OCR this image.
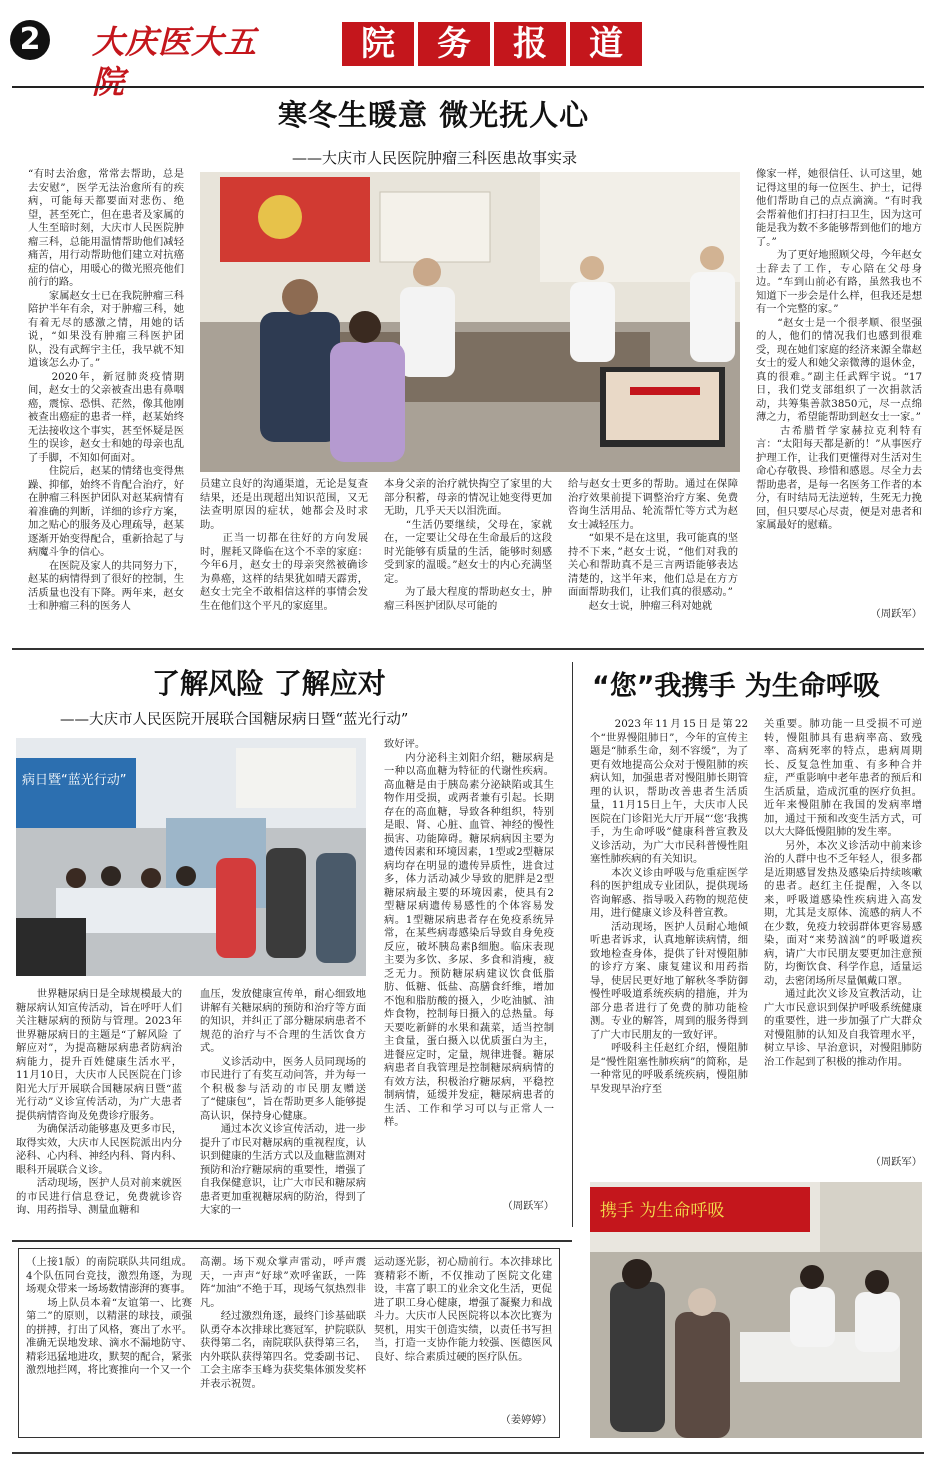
2 大庆医大五院
院	务	报	道
寒冬生暖意 微光抚人心
——大庆市人民医院肿瘤三科医患故事实录
“有时去治愈，常常去帮助，总是去安慰”，医学无法治愈所有的疾病，可能每天都要面对悲伤、绝望，甚至死亡，但在患者及家属的人生至暗时刻，大庆市人民医院肿瘤三科，总能用温情帮助他们减轻痛苦，用行动帮助他们建立对抗癌症的信心，用暖心的微光照亮他们前行的路。
　　家属赵女士已在我院肿瘤三科陪护半年有余，对于肿瘤三科，她有着无尽的感激之情，用她的话说，“如果没有肿瘤三科医护团队，没有武辉宇主任，我早就不知道该怎么办了。”
　　2020年，新冠肺炎疫情期间，赵女士的父亲被查出患有鼻咽癌，震惊、恐惧、茫然，像其他刚被查出癌症的患者一样，赵某始终无法接收这个事实，甚至怀疑是医生的误诊，赵女士和她的母亲也乱了手脚，不知如何面对。
　　住院后，赵某的情绪也变得焦躁、抑郁，始终不肯配合治疗，好在肿瘤三科医护团队对赵某病情有着准确的判断，详细的诊疗方案，加之贴心的服务及心理疏导，赵某逐渐开始变得配合，重新拾起了与病魔斗争的信心。
　　在医院及家人的共同努力下，赵某的病情得到了很好的控制，生活质量也没有下降。两年来，赵女士和肿瘤三科的医务人
员建立良好的沟通渠道，无论是复查结果，还是出现超出知识范围，又无法查明原因的症状，她都会及时求助。
　　正当一切都在往好的方向发展时，腥耗又降临在这个不幸的家庭：今年6月，赵女士的母亲突然被确诊为鼻癌，这样的结果犹如晴天霹雳，赵女士完全不敢相信这样的事情会发生在他们这个平凡的家庭里。
本身父亲的治疗就快掏空了家里的大部分积蓄，母亲的情况让她变得更加无助，几乎天天以泪洗面。
　　“生活仍要继续，父母在，家就在，一定要让父母在生命最后的这段时光能够有质量的生活，能够时刻感受到家的温暖。”赵女士的内心充满坚定。
　　为了最大程度的帮助赵女士，肿瘤三科医护团队尽可能的
给与赵女士更多的帮助。通过在保障治疗效果前提下调整治疗方案、免费咨询生活用品、轮流帮忙等方式为赵女士减轻压力。
　　“如果不是在这里，我可能真的坚持不下来，”赵女士说，“他们对我的关心和帮助真不是三言两语能够表达清楚的，这半年来，他们总是在方方面面帮助我们，让我们真的很感动。”
　　赵女士说，肿瘤三科对她就
像家一样，她很信任、认可这里，她记得这里的每一位医生、护士，记得他们帮助自己的点点滴滴。“有时我会帮着他们打扫打扫卫生，因为这可能是我为数不多能够帮到他们的地方了。”
　　为了更好地照顾父母，今年赵女士辞去了工作，专心陪在父母身边。“车到山前必有路，虽然我也不知道下一步会是什么样，但我还是想有一个完整的家。”
　　“赵女士是一个很孝顺、很坚强的人，他们的情况我们也感到很难受，现在她们家庭的经济来源全靠赵女士的爱人和她父亲微薄的退休金，真的很难。”副主任武辉宇说。“17日，我们党支部组织了一次捐款活动，共筹集善款3850元，尽一点绵薄之力，希望能帮助到赵女士一家。”
　　古希腊哲学家赫拉克利特有言：“太阳每天都是新的！”从事医疗护理工作，让我们更懂得对生活对生命心存敬畏、珍惜和感恩。尽全力去帮助患者，是每一名医务工作者的本分，有时结局无法逆转，生死无力挽回，但只要尽心尽责，便是对患者和家属最好的慰藉。
（周跃军）
了解风险 了解应对
——大庆市人民医院开展联合国糖尿病日暨“蓝光行动”
病日暨“蓝光行动”
　　世界糖尿病日是全球规模最大的糖尿病认知宣传活动，旨在呼吁人们关注糖尿病的预防与管理。2023年世界糖尿病日的主题是“了解风险 了解应对”，为提高糖尿病患者防病治病能力，提升百姓健康生活水平，11月10日，大庆市人民医院在门诊阳光大厅开展联合国糖尿病日暨“蓝光行动”义诊宣传活动，为广大患者提供病情咨询及免费诊疗服务。
　　为确保活动能够惠及更多市民，取得实效，大庆市人民医院派出内分泌科、心内科、神经内科、肾内科、眼科开展联合义诊。
　　活动现场，医护人员对前来就医的市民进行信息登记，免费就诊咨询、用药指导、测量血糖和
血压，发放健康宣传单，耐心细致地讲解有关糖尿病的预防和治疗等方面的知识，并纠正了部分糖尿病患者不规范的治疗与不合理的生活饮食方式。
　　义诊活动中，医务人员同现场的市民进行了有奖互动问答，并为每一个积极参与活动的市民朋友赠送了“健康包”，旨在帮助更多人能够提高认识，保持身心健康。
　　通过本次义诊宣传活动，进一步提升了市民对糖尿病的重视程度，认识到健康的生活方式以及血糖监测对预防和治疗糖尿病的重要性，增强了自我保健意识，让广大市民和糖尿病患者更加重视糖尿病的防治，得到了大家的一
致好评。
　　内分泌科主刘阳介绍，糖尿病是一种以高血糖为特征的代谢性疾病。高血糖是由于胰岛素分泌缺陷或其生物作用受损，或两者兼有引起。长期存在的高血糖，导致各种组织，特别是眼、肾、心脏、血管、神经的慢性损害、功能障碍。糖尿病病因主要为遗传因素和环境因素，1型或2型糖尿病均存在明显的遗传异质性，进食过多，体力活动减少导致的肥胖是2型糖尿病最主要的环境因素，使具有2型糖尿病遗传易感性的个体容易发病。1型糖尿病患者存在免疫系统异常，在某些病毒感染后导致自身免疫反应，破坏胰岛素β细胞。临床表现主要为多饮、多尿、多食和消瘦，疲乏无力。预防糖尿病建议饮食低脂肪、低糖、低盐、高膳食纤维，增加不饱和脂肪酸的摄入，少吃油腻、油炸食物，控制每日摄入的总热量。每天要吃新鲜的水果和蔬菜，适当控制主食量，蛋白摄入以优质蛋白为主，进餐应定时，定量，规律进餐。糖尿病患者自我管理是控制糖尿病病情的有效方法，积极治疗糖尿病，平稳控制病情，延缓并发症，糖尿病患者的生活、工作和学习可以与正常人一样。
（周跃军）
“您”我携手 为生命呼吸
　　2023年11月15日是第22个“世界慢阻肺日”，今年的宣传主题是“肺系生命，刻不容缓”，为了更有效地提高公众对于慢阻肺的疾病认知，加强患者对慢阻肺长期管理的认识，帮助改善患者生活质量，11月15日上午，大庆市人民医院在门诊阳光大厅开展“‘您’我携手，为生命呼吸”健康科普宣教及义诊活动，为广大市民科普慢性阻塞性肺疾病的有关知识。
　　本次义诊由呼吸与危重症医学科的医护组成专业团队，提供现场咨询解惑、指导吸入药物的规范使用，进行健康义诊及科普宣教。
　　活动现场，医护人员耐心地倾听患者诉求，认真地解读病情，细致地检查身体，提供了针对慢阻肺的诊疗方案、康复建议和用药指导，使居民更好地了解秋冬季防御慢性呼吸道系统疾病的措施，并为部分患者进行了免费的肺功能检测。专业的解答，周到的服务得到了广大市民朋友的一致好评。
　　呼吸科主任赵红介绍，慢阻肺是“慢性阻塞性肺疾病”的简称，是一种常见的呼吸系统疾病，慢阻肺早发现早治疗至
关重要。肺功能一旦受损不可逆转，慢阻肺具有患病率高、致残率、高病死率的特点，患病周期长、反复急性加重、有多种合并症，严重影响中老年患者的预后和生活质量，造成沉重的医疗负担。近年来慢阻肺在我国的发病率增加，通过干预和改变生活方式，可以大大降低慢阻肺的发生率。
　　另外，本次义诊活动中前来诊治的人群中也不乏年轻人，很多都是近期感冒发热及感染后持续咳嗽的患者。赵红主任提醒，入冬以来，呼吸道感染性疾病进入高发期，尤其是支原体、流感的病人不在少数，免疫力较弱群体更容易感染，面对“来势汹汹”的呼吸道疾病，请广大市民朋友要更加注意预防，均衡饮食、科学作息，适量运动，去密闭场所尽量佩戴口罩。
　　通过此次义诊及宣教活动，让广大市民意识到保护呼吸系统健康的重要性，进一步加强了广大群众对慢阻肺的认知及自我管理水平，树立早诊、早治意识，对慢阻肺防治工作起到了积极的推动作用。
（周跃军）
携手 为生命呼吸
（上接1版）的南院联队共同组成。4个队伍同台竞技，激烈角逐，为现场观众带来一场场数情澎湃的赛事。
　　场上队员本着“友谊第一、比赛第二”的原则，以精湛的球技，顽强的拼搏，打出了风格，赛出了水平。准确无误地发球、滴水不漏地防守、精彩迅猛地进攻，默契的配合，紧张激烈地拦网，将比赛推向一个又一个
高潮。场下观众掌声雷动，呼声震天，一声声“好球”欢呼雀跃，一阵阵“加油”不绝于耳，现场气氛热烈非凡。
　　经过激烈角逐，最终门诊基础联队勇夺本次排球比赛冠军，护院联队获得第二名，南院联队获得第三名，内外联队获得第四名。党委副书记、工会主席李玉峰为获奖集体颁发奖杯并表示祝贺。
运动逐光影，初心励前行。本次排球比赛精彩不断，不仅推动了医院文化建设，丰富了职工的业余文化生活，更促进了职工身心健康，增强了凝聚力和战斗力。大庆市人民医院将以本次比赛为契机，用实干创造实绩，以责任书写担当，打造一支协作能力较强、医德医风良好、综合素质过硬的医疗队伍。
（姜婷婷）
